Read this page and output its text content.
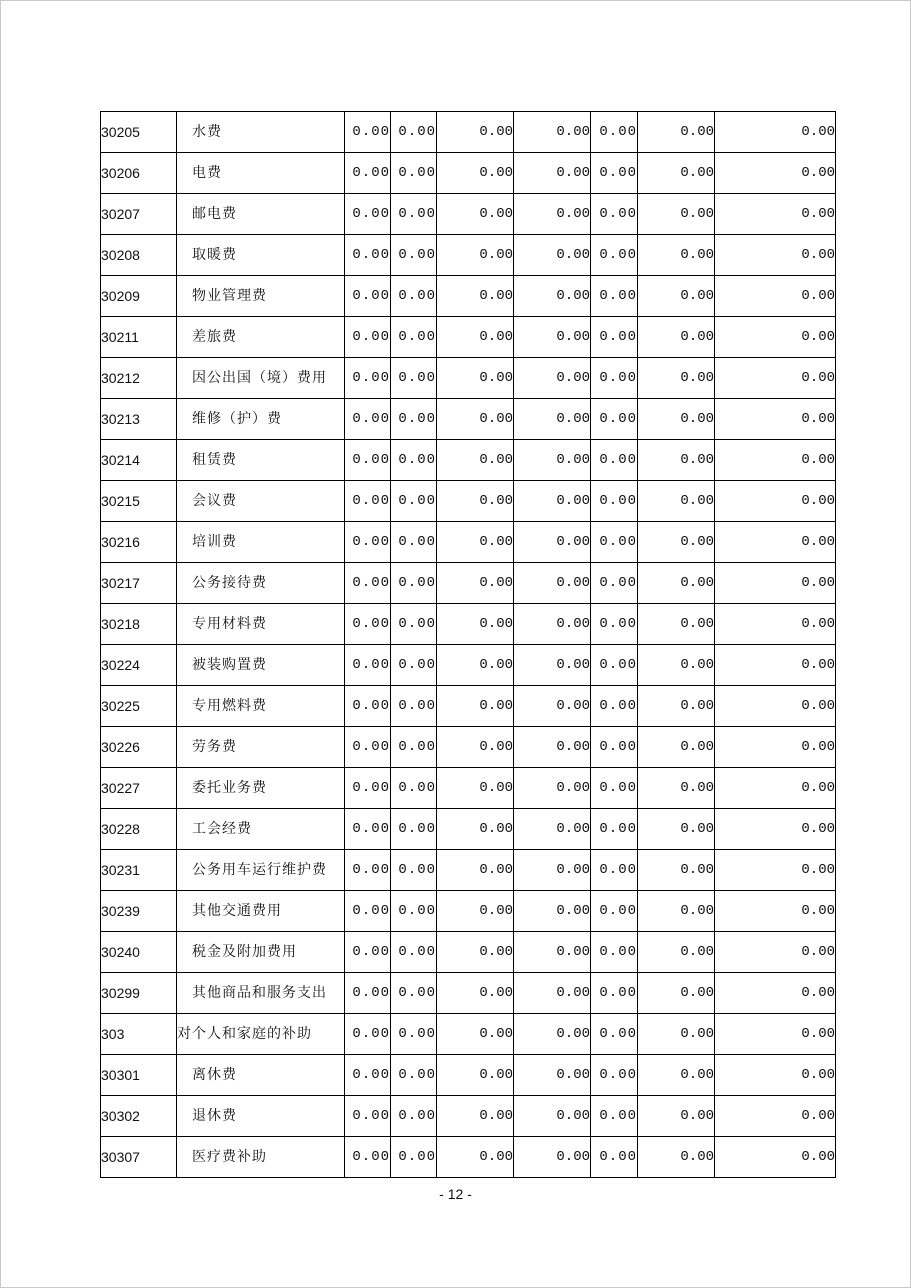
30205	水费	0.00	0.00	0.00	0.00	0.00	0.00	0.00
30206	电费	0.00	0.00	0.00	0.00	0.00	0.00	0.00
30207	邮电费	0.00	0.00	0.00	0.00	0.00	0.00	0.00
30208	取暖费	0.00	0.00	0.00	0.00	0.00	0.00	0.00
30209	物业管理费	0.00	0.00	0.00	0.00	0.00	0.00	0.00
30211	差旅费	0.00	0.00	0.00	0.00	0.00	0.00	0.00
30212	因公出国（境）费用	0.00	0.00	0.00	0.00	0.00	0.00	0.00
30213	维修（护）费	0.00	0.00	0.00	0.00	0.00	0.00	0.00
30214	租赁费	0.00	0.00	0.00	0.00	0.00	0.00	0.00
30215	会议费	0.00	0.00	0.00	0.00	0.00	0.00	0.00
30216	培训费	0.00	0.00	0.00	0.00	0.00	0.00	0.00
30217	公务接待费	0.00	0.00	0.00	0.00	0.00	0.00	0.00
30218	专用材料费	0.00	0.00	0.00	0.00	0.00	0.00	0.00
30224	被装购置费	0.00	0.00	0.00	0.00	0.00	0.00	0.00
30225	专用燃料费	0.00	0.00	0.00	0.00	0.00	0.00	0.00
30226	劳务费	0.00	0.00	0.00	0.00	0.00	0.00	0.00
30227	委托业务费	0.00	0.00	0.00	0.00	0.00	0.00	0.00
30228	工会经费	0.00	0.00	0.00	0.00	0.00	0.00	0.00
30231	公务用车运行维护费	0.00	0.00	0.00	0.00	0.00	0.00	0.00
30239	其他交通费用	0.00	0.00	0.00	0.00	0.00	0.00	0.00
30240	税金及附加费用	0.00	0.00	0.00	0.00	0.00	0.00	0.00
30299	其他商品和服务支出	0.00	0.00	0.00	0.00	0.00	0.00	0.00
303	对个人和家庭的补助	0.00	0.00	0.00	0.00	0.00	0.00	0.00
30301	离休费	0.00	0.00	0.00	0.00	0.00	0.00	0.00
30302	退休费	0.00	0.00	0.00	0.00	0.00	0.00	0.00
30307	医疗费补助	0.00	0.00	0.00	0.00	0.00	0.00	0.00
- 12 -
